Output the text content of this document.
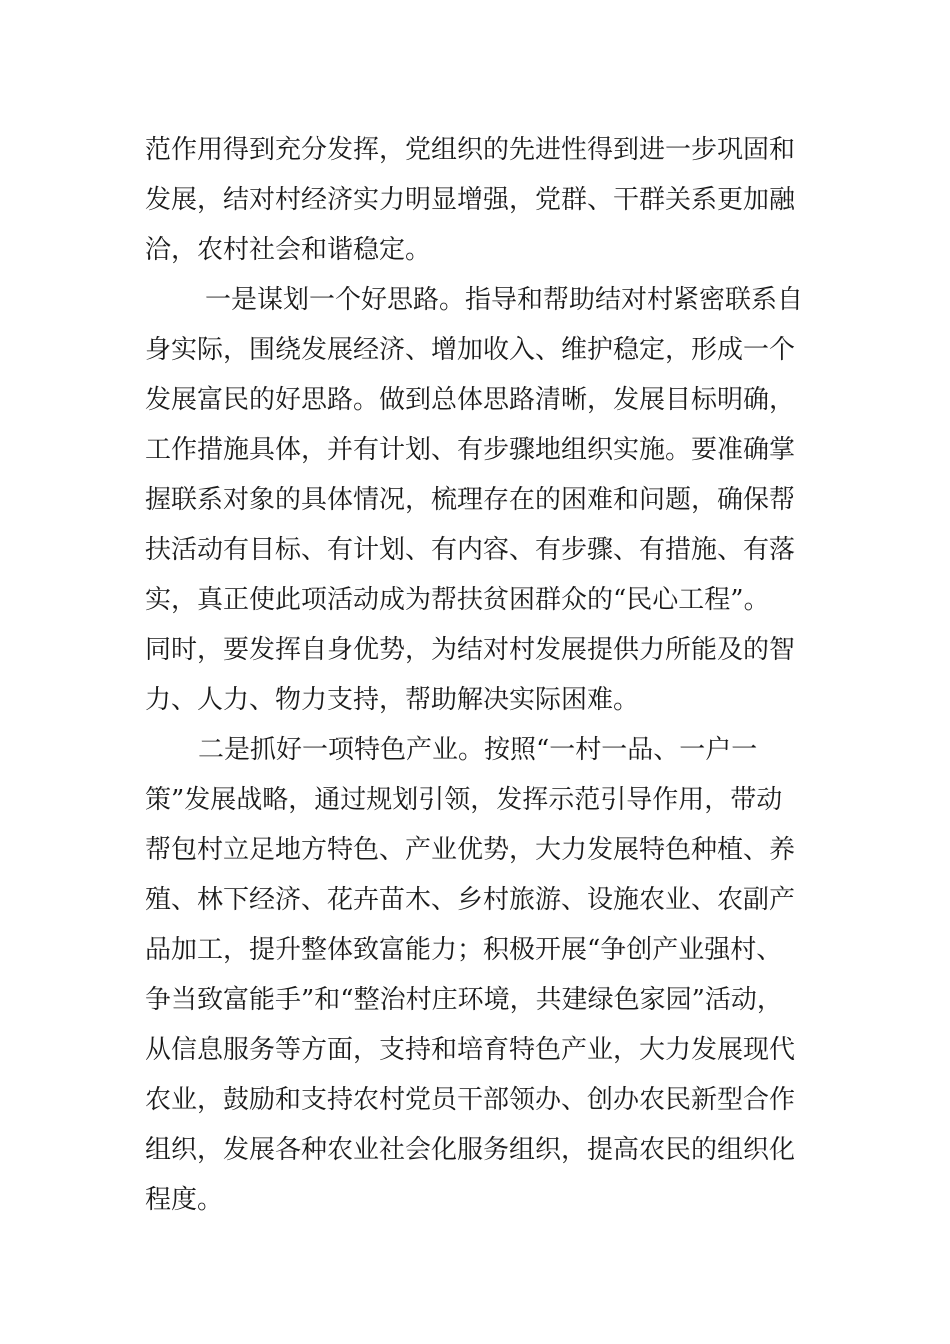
范作用得到充分发挥，党组织的先进性得到进一步巩固和
发展，结对村经济实力明显增强，党群、干群关系更加融
洽，农村社会和谐稳定。
一是谋划一个好思路。指导和帮助结对村紧密联系自
身实际，围绕发展经济、增加收入、维护稳定，形成一个
发展富民的好思路。做到总体思路清晰，发展目标明确，
工作措施具体，并有计划、有步骤地组织实施。要准确掌
握联系对象的具体情况，梳理存在的困难和问题，确保帮
扶活动有目标、有计划、有内容、有步骤、有措施、有落
实，真正使此项活动成为帮扶贫困群众的“民心工程”。
同时，要发挥自身优势，为结对村发展提供力所能及的智
力、人力、物力支持，帮助解决实际困难。
二是抓好一项特色产业。按照“一村一品、一户一
策”发展战略，通过规划引领，发挥示范引导作用，带动
帮包村立足地方特色、产业优势，大力发展特色种植、养
殖、林下经济、花卉苗木、乡村旅游、设施农业、农副产
品加工，提升整体致富能力；积极开展“争创产业强村、
争当致富能手”和“整治村庄环境，共建绿色家园”活动，
从信息服务等方面，支持和培育特色产业，大力发展现代
农业，鼓励和支持农村党员干部领办、创办农民新型合作
组织，发展各种农业社会化服务组织，提高农民的组织化
程度。
